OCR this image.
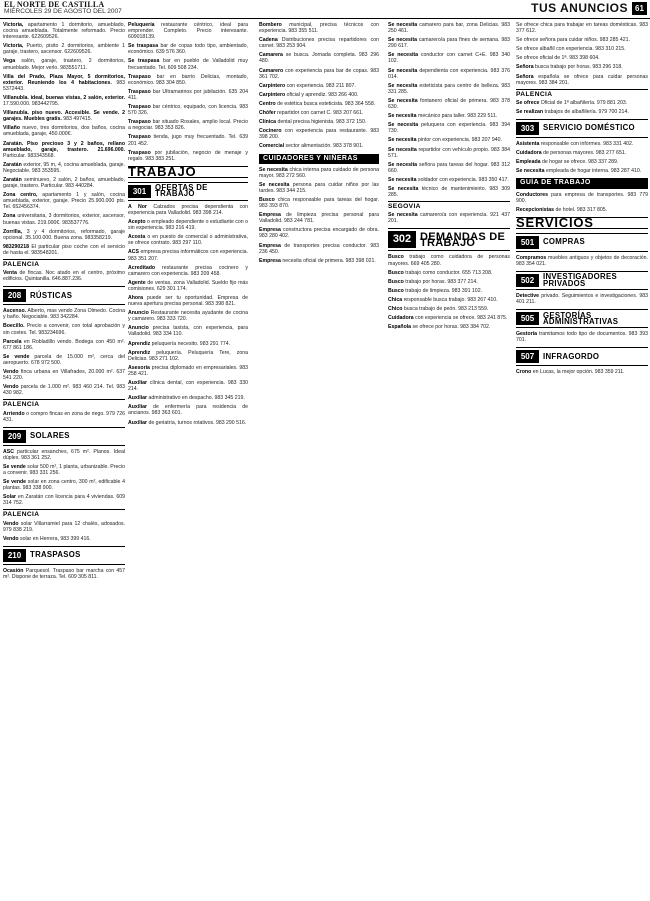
EL NORTE DE CASTILLA
MIÉRCOLES 29 DE AGOSTO DEL 2007	TUS ANUNCIOS 61

Victoria, apartamento 1 dormitorio, amueblado, cocina amueblada. Totalmente reformado. Precio interesante. 622609526.

Victoria, Puerto, pisito 2 dormitorios, ambiente 1 garaje, trastero, ascensor. 622609526.

Vega salón, garaje, trastero, 2 dormitorios, amueblado. Mejor verlo. 983551711.

Villa del Prado, Plaza Mayor, 5 dormitorios, exterior. Reuniendo los 4 habitaciones. 983 5372443.

Villanubla. ideal, buenas vistas, 2 salón, exterior. 17.590.000. 983442795.

Villanubla. piso nuevo. Accesible. Se vende. 2 garajes. Muebles gratis. 983 497415.

Villaño nuevo, tres dormitorios, dos baños, cocina amueblada, garaje, 450.000€.

Zaratán. Piso precioso 3 y 2 baños, rellano amueblado, garaje, trastero. 21.696.000. Particular. 983343568.

Zaratán exterior, 95 m, 4, cocina amueblada, garaje. Negociable. 983 353595.

Zaratán seminuevo, 2 salón, 2 baños, amueblado, garaje, trastero. Particular. 983 440284.

Zona centro, apartamento 1 y salón, cocina amueblada, exterior, garaje. Precio 25.900.000 pts. Tel. 652456374.

Zona universitaria, 3 dormitorios, exterior, ascensor, buenas vistas. 219.000€. 983537776.

Zorrilla, 3 y 4 dormitorios, reformado, garaje opcional. 35.100.000. Buena zona. 983358219.

983290218 El particular piso coche con el servicio de hasta el. 983548201.

PALENCIA

Venta de fincas. Noc atado en el centro, próximo edificios. Quintanilla. 646.887.236.

208	RÚSTICAS

Ascenso. Alberto, mas vendo Zona Olmedo. Cocina y baño. Negociable. 983 342284.

Boecillo. Precio a convenir, con total aprobación y sin costes. Tel. 983234696.

Parcela en Robladillo vendo. Bodega con 450 m². 677 861 186.

Se vende parcela de 15.000 m², cerca del aeropuerto. 678 972 500.

Vendo finca urbana en Villafrades, 20.000 m². 637 541 220.

Vendo parcela de 1.000 m². 983 460 214. Tel. 983 430 982.

PALENCIA

Arriendo o compro fincas en zona de riego. 979 726 431.

209	SOLARES

ASC particular ensanches, 675 m². Planos. Ideal dúplex. 983 361 252.

Se vende solar 500 m², 1 planta, urbanizable. Precio a convenir. 983 331 256.

Se vende solar en zona centro, 300 m², edificable 4 plantas. 983 338 900.

Solar en Zaratán con licencia para 4 viviendas. 609 314 752.

PALENCIA

Vendo solar Villarramiel para 12 chalés, adosados. 979 838 219.

Vendo solar en Herrera, 983 399 416.

210	TRASPASOS

Ocasión Parquesol. Traspaso bar marcha con 457 m². Dispone de terraza. Tel. 609 305 811.

Peluquería restaurante céntrico, ideal para emprender. Completo. Precio interesante. 609018139.

Se traspasa bar de copas todo tipo, ambientado, económico. 639 576 360.

Se traspasa bar en pueblo de Valladolid muy frecuentado. Tel. 609 508 234.

Traspaso bar en barrio Delicias, montado, económico. 983 304 850.

Traspaso bar Ultramarinos por jubilación. 635 204 411.

Traspaso bar céntrico, equipado, con licencia. 983 570 326.

Traspaso bar situado Rosales, amplio local. Precio a negociar. 983 353 826.

Traspaso tienda, jugo muy frecuentado. Tel. 639 201 452.

Traspaso por jubilación, negocio de menaje y regalo. 983 383 251.

TRABAJO
301	OFERTAS DE TRABAJO

A Nor Calzados precisa dependienta con experiencia para Valladolid. 983 398 214.

Acepto o empleado dependiente o estudiante con o sin experiencia. 983 216 419.

Acosta o en puesto de comercial o administrativa, se ofrece contrato. 983 297 110.

ACS empresa precisa informáticos con experiencia. 983 351 207.

Acreditado restaurante precisa cocinero y camarero con experiencia. 983 209 458.

Agente de ventas, zona Valladolid. Sueldo fijo más comisiones. 629 301 174.

Ahora puede ser tu oportunidad. Empresa de nueva apertura precisa personal. 983 398 821.

Anuncio Restaurante necesita ayudante de cocina y camarero. 983 333 720.

Anuncio precisa taxista, con experiencia, para Valladolid. 983 334 110.

Aprendiz peluquería necesito. 983 291 774.

Aprendiz peluquería. Peluquería Tere, zona Delicias. 983 271 102.

Asesoría precisa diplomado en empresariales. 983 258 421.

Auxiliar clínica dental, con experiencia. 983 330 214.

Auxiliar administrativo en despacho. 983 345 219.

Auxiliar de enfermería para residencia de ancianos. 983 363 601.

Auxiliar de geriatría, turnos rotativos. 983 290 516.

Bombero municipal, precisa técnicos con experiencia. 983 355 511.

Cadena Distribuciones precisa repartidores con carnet. 983 253 904.

Camarera se busca. Jornada completa. 983 296 480.

Camarero con experiencia para bar de copas. 983 361 702.

Carpintero con experiencia. 983 211 807.

Carpintero oficial y aprendiz. 983 266 400.

Centro de estética busca esteticista. 983 364 558.

Chófer repartidor con carnet C. 983 207 661.

Clínica dental precisa higienista. 983 372 150.

Cocinero con experiencia para restaurante. 983 398 200.

Comercial sector alimentación. 983 378 901.

CUIDADORES Y NIÑERAS

Se necesita chica interna para cuidado de persona mayor. 983 272 560.

Se necesita persona para cuidar niños por las tardes. 983 344 215.

Busco chica responsable para tareas del hogar. 983 393 870.

Empresa de limpieza precisa personal para Valladolid. 983 244 781.

Empresa constructora precisa encargado de obra. 983 280 402.

Empresa de transportes precisa conductor. 983 236 450.

Empresa necesita oficial de primera. 983 398 021.

Se necesita camarero para bar, zona Delicias. 983 250 461.

Se necesita camarero/a para fines de semana. 983 290 617.

Se necesita conductor con carnet C+E. 983 340 102.

Se necesita dependienta con experiencia. 983 376 014.

Se necesita esteticista para centro de belleza. 983 331 285.

Se necesita fontanero oficial de primera. 983 378 630.

Se necesita mecánico para taller. 983 229 511.

Se necesita peluquera con experiencia. 983 394 730.

Se necesita pintor con experiencia. 983 207 940.

Se necesita repartidor con vehículo propio. 983 384 571.

Se necesita señora para tareas del hogar. 983 312 660.

Se necesita soldador con experiencia. 983 350 417.

Se necesita técnico de mantenimiento. 983 309 285.

SEGOVIA

Se necesita camarero/a con experiencia. 921 437 201.

302 DEMANDAS DE TRABAJO

Busco trabajo como cuidadora de personas mayores. 669 405 280.

Busco trabajo como conductor. 655 713 208.

Busco trabajo por horas. 983 377 214.

Busco trabajo de limpieza. 983 391 102.

Chica responsable busca trabajo. 983 267 410.

Chico busca trabajo de peón. 983 213 559.

Cuidadora con experiencia se ofrece. 983 241 875.

Española se ofrece por horas. 983 384 702.

Se ofrece chica para trabajar en tareas domésticas. 983 377 612.

Se ofrece señora para cuidar niños. 983 285 421.

Se ofrece albañil con experiencia. 983 310 215.

Se ofrece oficial de 1ª. 983 398 604.

Señora busca trabajo por horas. 983 296 318.

Señora española se ofrece para cuidar personas mayores. 983 384 201.

PALENCIA

Se ofrece Oficial de 1ª albañilería. 979 881 203.

Se realizan trabajos de albañilería. 979 700 214.

303	SERVICIO DOMÉSTICO

Asistenta responsable con informes. 983 331 402.

Cuidadora de personas mayores. 983 277 651.

Empleada de hogar se ofrece. 983 337 289.

Se necesita empleada de hogar interna. 983 287 410.

GUÍA DE TRABAJO

Conductores para empresa de transportes. 983 779 900.

Recepcionistas de hotel. 983 317 805.

SERVICIOS
501	COMPRAS

Compramos muebles antiguos y objetos de decoración. 983 354 021.

502	INVESTIGADORES PRIVADOS

Detective privado. Seguimientos e investigaciones. 983 401 211.

505	GESTORÍAS ADMINISTRATIVAS

Gestoría tramitamos todo tipo de documentos. 983 393 701.

507	INFRAGORDO

Crono en Lucas, la mejor opción. 983 359 211.
